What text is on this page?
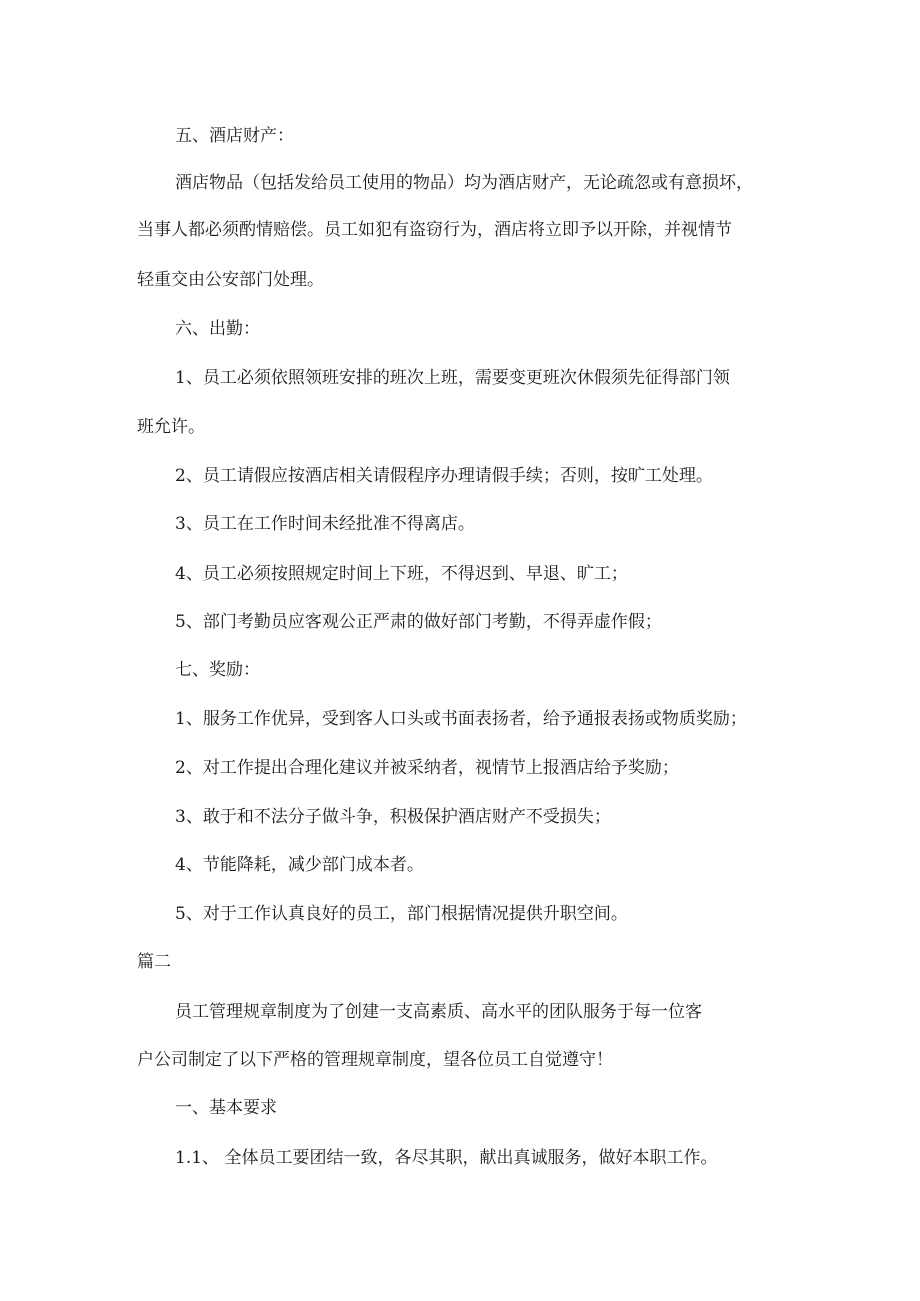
五、酒店财产：
酒店物品（包括发给员工使用的物品）均为酒店财产，无论疏忽或有意损坏，
当事人都必须酌情赔偿。员工如犯有盗窃行为，酒店将立即予以开除，并视情节
轻重交由公安部门处理。
六、出勤：
1、员工必须依照领班安排的班次上班，需要变更班次休假须先征得部门领
班允许。
2、员工请假应按酒店相关请假程序办理请假手续；否则，按旷工处理。
3、员工在工作时间未经批准不得离店。
4、员工必须按照规定时间上下班，不得迟到、早退、旷工；
5、部门考勤员应客观公正严肃的做好部门考勤，不得弄虚作假；
七、奖励：
1、服务工作优异，受到客人口头或书面表扬者，给予通报表扬或物质奖励；
2、对工作提出合理化建议并被采纳者，视情节上报酒店给予奖励；
3、敢于和不法分子做斗争，积极保护酒店财产不受损失；
4、节能降耗，减少部门成本者。
5、对于工作认真良好的员工，部门根据情况提供升职空间。
篇二
员工管理规章制度为了创建一支高素质、高水平的团队服务于每一位客
户公司制定了以下严格的管理规章制度，望各位员工自觉遵守！
一、基本要求
1.1、 全体员工要团结一致，各尽其职，献出真诚服务，做好本职工作。
